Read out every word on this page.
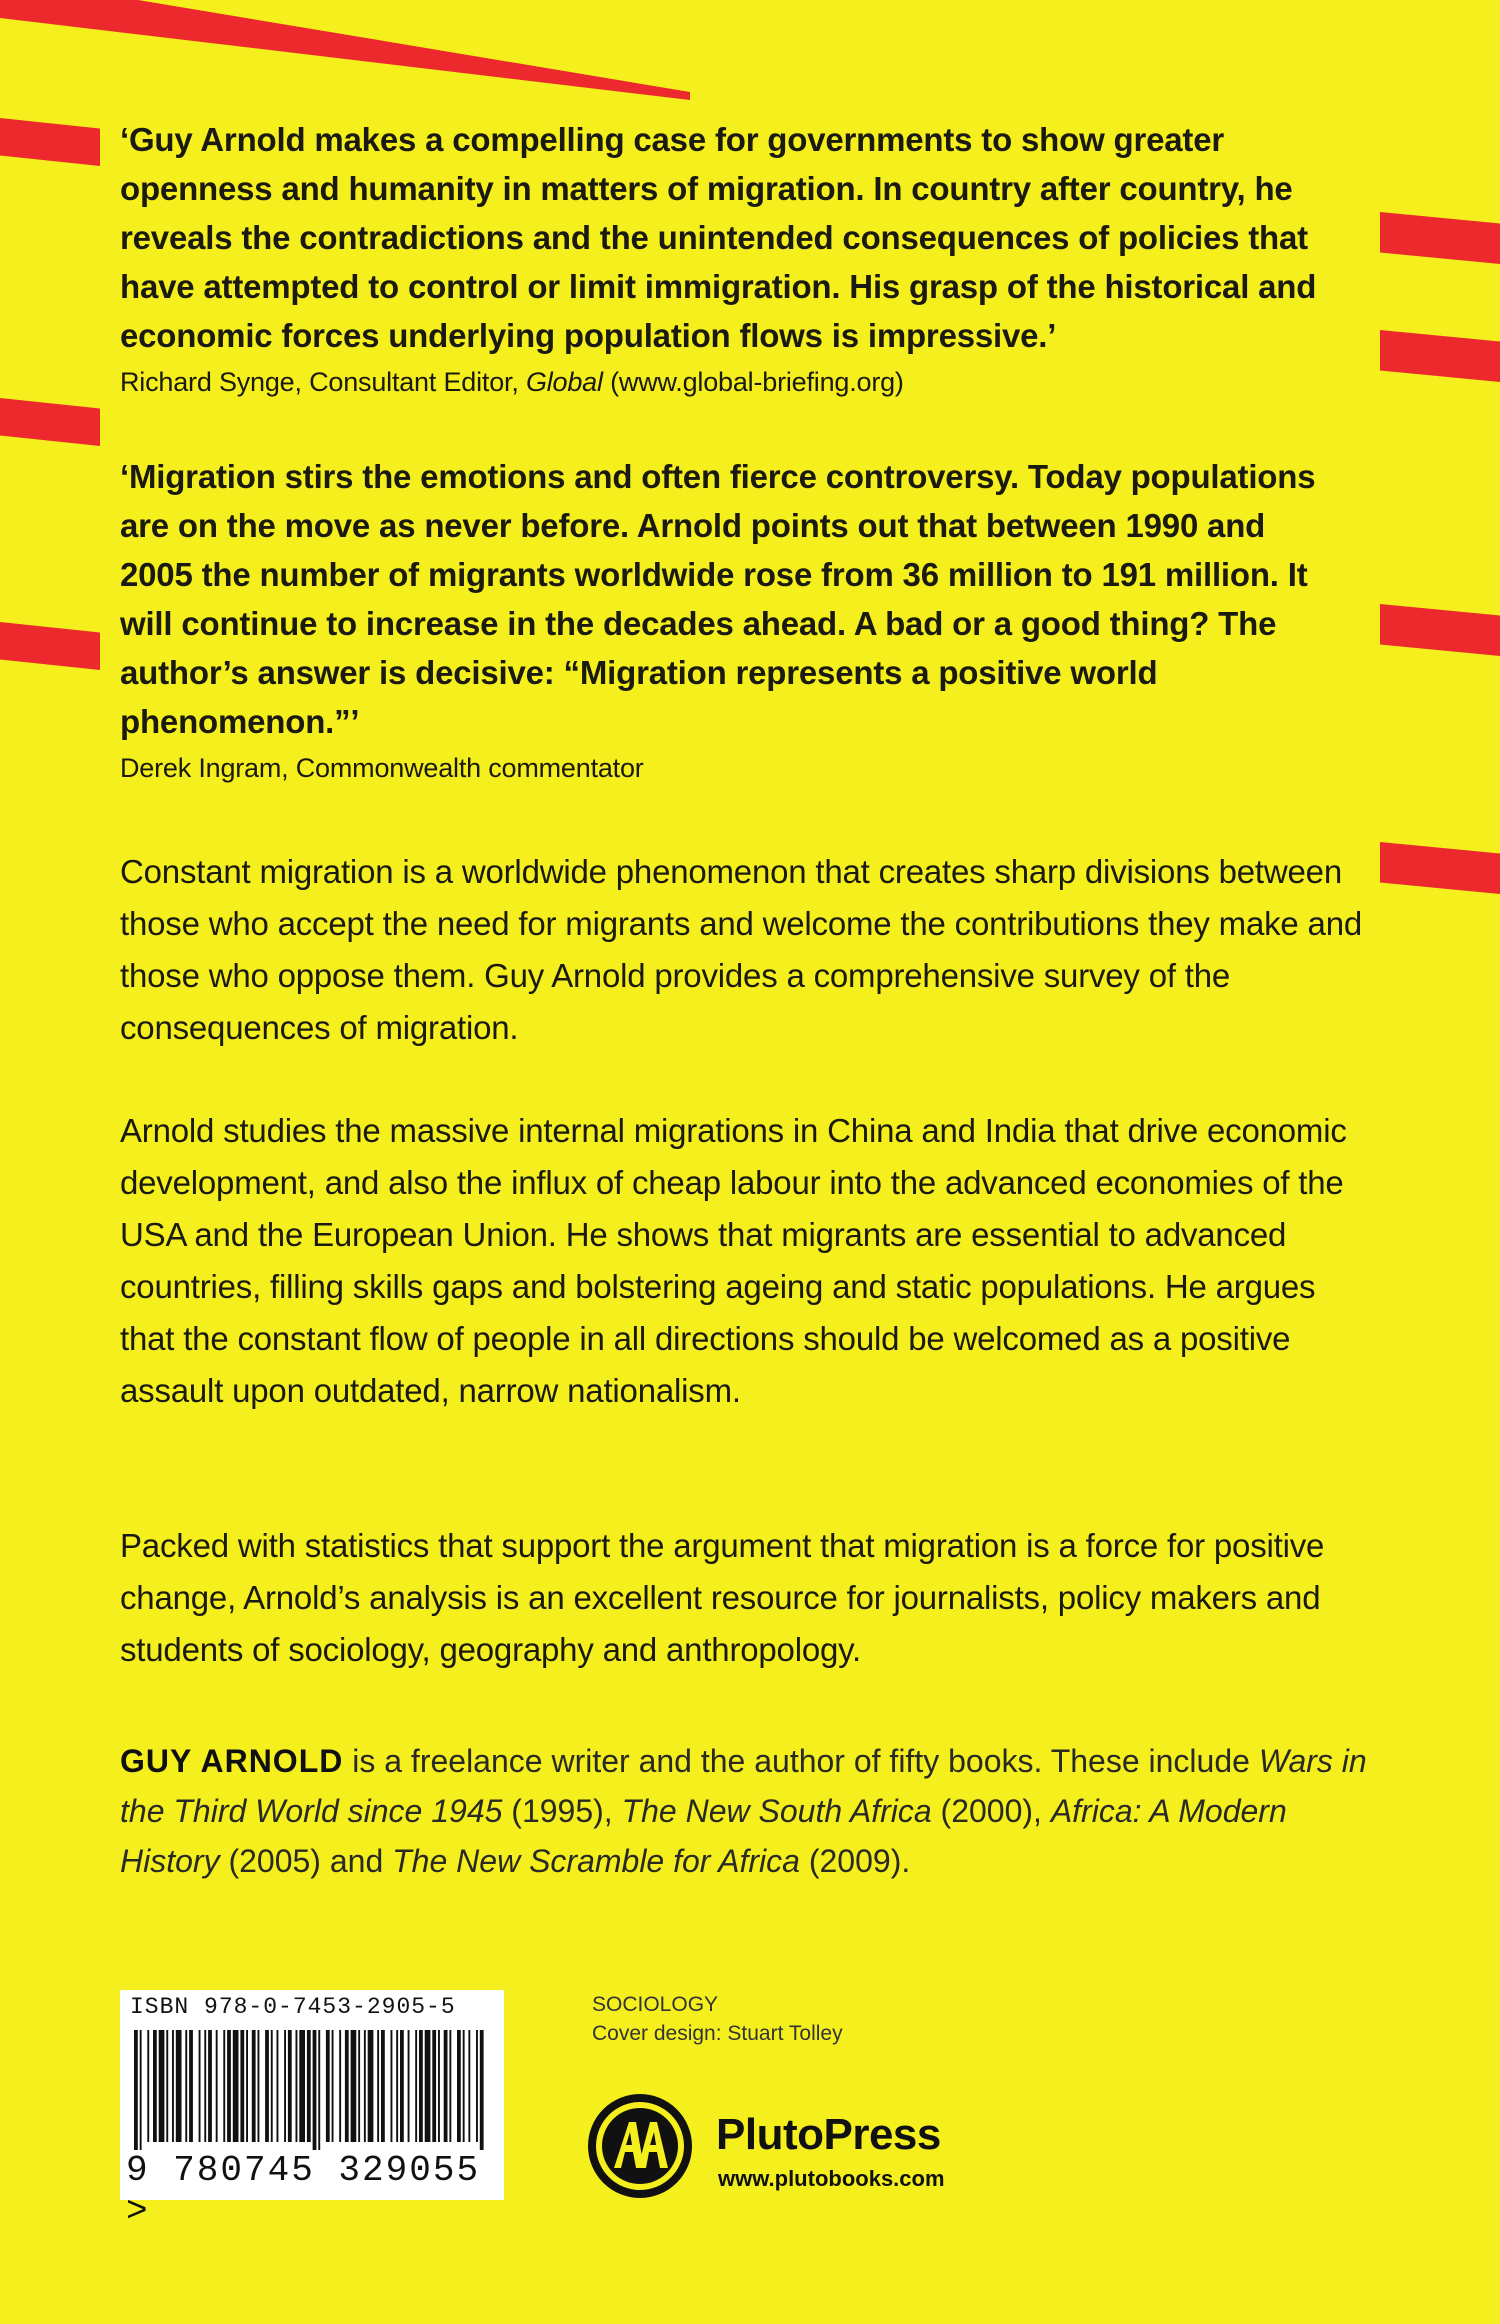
‘Guy Arnold makes a compelling case for governments to show greater openness and humanity in matters of migration. In country after country, he reveals the contradictions and the unintended consequences of policies that have attempted to control or limit immigration. His grasp of the historical and economic forces underlying population flows is impressive.’

Richard Synge, Consultant Editor, Global (www.global-briefing.org)

‘Migration stirs the emotions and often fierce controversy. Today populations are on the move as never before. Arnold points out that between 1990 and 2005 the number of migrants worldwide rose from 36 million to 191 million. It will continue to increase in the decades ahead. A bad or a good thing? The author’s answer is decisive: “Migration represents a positive world phenomenon.”’

Derek Ingram, Commonwealth commentator

Constant migration is a worldwide phenomenon that creates sharp divisions between those who accept the need for migrants and welcome the contributions they make and those who oppose them. Guy Arnold provides a comprehensive survey of the consequences of migration.

Arnold studies the massive internal migrations in China and India that drive economic development, and also the influx of cheap labour into the advanced economies of the USA and the European Union. He shows that migrants are essential to advanced countries, filling skills gaps and bolstering ageing and static populations. He argues that the constant flow of people in all directions should be welcomed as a positive assault upon outdated, narrow nationalism.

Packed with statistics that support the argument that migration is a force for positive change, Arnold’s analysis is an excellent resource for journalists, policy makers and students of sociology, geography and anthropology.

GUY ARNOLD is a freelance writer and the author of fifty books. These include Wars in the Third World since 1945 (1995), The New South Africa (2000), Africa: A Modern History (2005) and The New Scramble for Africa (2009).

ISBN 978-0-7453-2905-5
9 780745 329055 >
SOCIOLOGY
Cover design: Stuart Tolley
PlutoPress
www.plutobooks.com
